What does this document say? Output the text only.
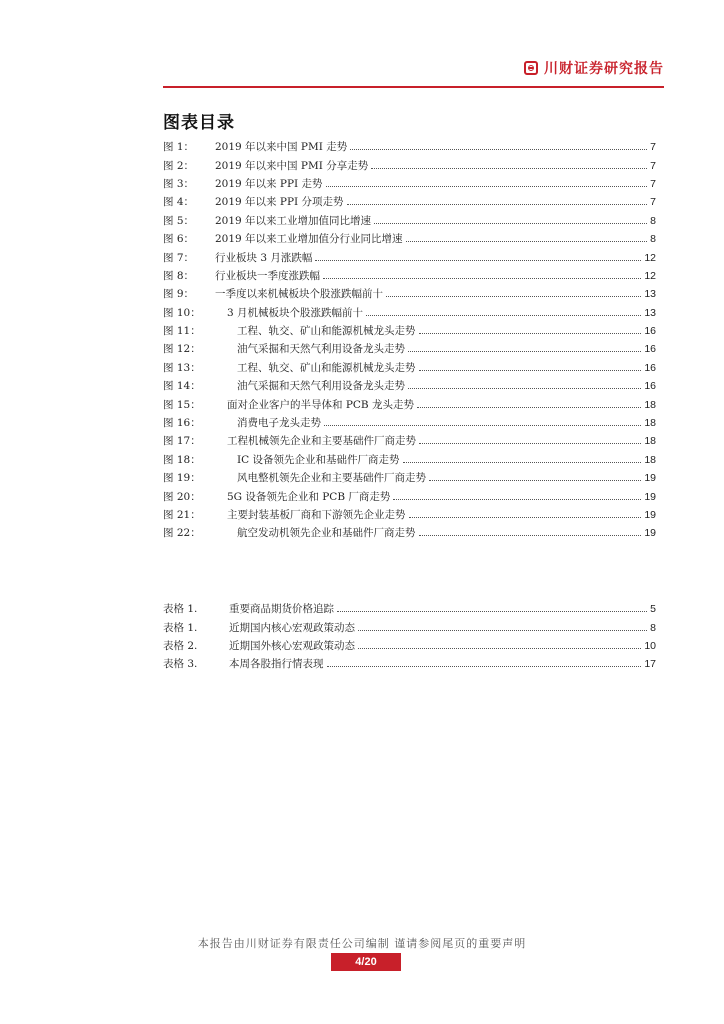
川财证券研究报告
图表目录
图 1：	2019 年以来中国 PMI 走势	7
图 2：	2019 年以来中国 PMI 分享走势	7
图 3：	2019 年以来 PPI 走势	7
图 4：	2019 年以来 PPI 分项走势	7
图 5：	2019 年以来工业增加值同比增速	8
图 6：	2019 年以来工业增加值分行业同比增速	8
图 7：	行业板块 3 月涨跌幅	12
图 8：	行业板块一季度涨跌幅	12
图 9：	一季度以来机械板块个股涨跌幅前十	13
图 10：	3 月机械板块个股涨跌幅前十	13
图 11：	工程、轨交、矿山和能源机械龙头走势	16
图 12：	油气采掘和天然气利用设备龙头走势	16
图 13：	工程、轨交、矿山和能源机械龙头走势	16
图 14：	油气采掘和天然气利用设备龙头走势	16
图 15：	面对企业客户的半导体和 PCB 龙头走势	18
图 16：	消费电子龙头走势	18
图 17：	工程机械领先企业和主要基础件厂商走势	18
图 18：	IC 设备领先企业和基础件厂商走势	18
图 19：	风电整机领先企业和主要基础件厂商走势	19
图 20：	5G 设备领先企业和 PCB 厂商走势	19
图 21：	主要封装基板厂商和下游领先企业走势	19
图 22：	航空发动机领先企业和基础件厂商走势	19
表格 1.	重要商品期货价格追踪	5
表格 1.	近期国内核心宏观政策动态	8
表格 2.	近期国外核心宏观政策动态	10
表格 3.	本周各股指行情表现	17
本报告由川财证券有限责任公司编制 谨请参阅尾页的重要声明
4/20
